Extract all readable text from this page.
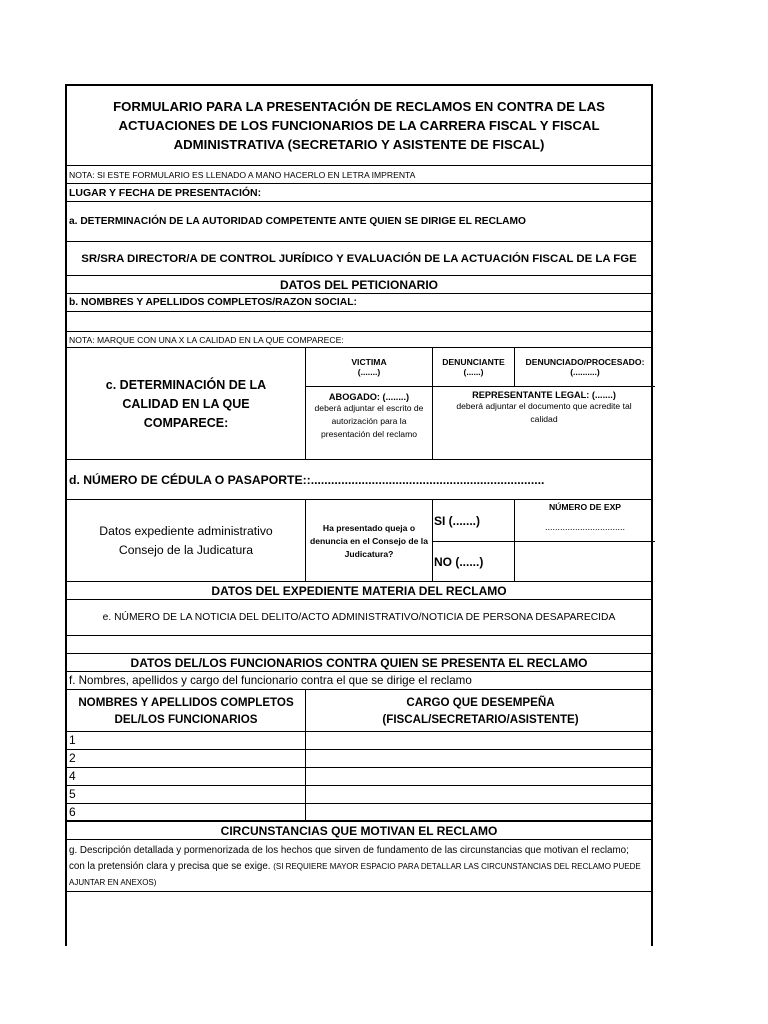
FORMULARIO PARA LA PRESENTACIÓN DE RECLAMOS EN CONTRA DE LAS ACTUACIONES DE LOS FUNCIONARIOS DE LA CARRERA FISCAL Y FISCAL ADMINISTRATIVA (SECRETARIO Y ASISTENTE DE FISCAL)
NOTA: SI ESTE FORMULARIO ES LLENADO A MANO HACERLO EN LETRA IMPRENTA
LUGAR Y FECHA DE PRESENTACIÓN:
a. DETERMINACIÓN DE LA AUTORIDAD COMPETENTE ANTE QUIEN SE DIRIGE EL RECLAMO
SR/SRA DIRECTOR/A DE CONTROL JURÍDICO Y EVALUACIÓN DE LA ACTUACIÓN FISCAL DE LA FGE
DATOS DEL PETICIONARIO
b. NOMBRES Y APELLIDOS COMPLETOS/RAZON SOCIAL:
NOTA: MARQUE CON UNA X LA CALIDAD EN LA QUE COMPARECE:
c. DETERMINACIÓN DE LA CALIDAD EN LA QUE COMPARECE:
VICTIMA
(.......)
DENUNCIANTE
(......)
DENUNCIADO/PROCESADO:
(..........)
ABOGADO: (........)
deberá adjuntar el escrito de autorización para la presentación del reclamo
REPRESENTANTE LEGAL: (.......)
deberá adjuntar el documento que acredite tal calidad
d. NÚMERO DE CÉDULA O PASAPORTE::.....................................................................
Datos expediente administrativo Consejo de la Judicatura
Ha presentado queja o denuncia en el Consejo de la Judicatura?
SI (.......)
NO (......)
NÚMERO DE EXP
................................
DATOS DEL EXPEDIENTE MATERIA DEL RECLAMO
e. NÚMERO DE LA NOTICIA DEL DELITO/ACTO ADMINISTRATIVO/NOTICIA DE PERSONA DESAPARECIDA
DATOS DEL/LOS FUNCIONARIOS CONTRA QUIEN SE PRESENTA EL RECLAMO
f. Nombres, apellidos y cargo del funcionario contra el que se dirige el reclamo
NOMBRES Y APELLIDOS COMPLETOS DEL/LOS FUNCIONARIOS
CARGO QUE DESEMPEÑA (FISCAL/SECRETARIO/ASISTENTE)
1
2
4
5
6
CIRCUNSTANCIAS QUE MOTIVAN EL RECLAMO
g. Descripción detallada y pormenorizada de los hechos que sirven de fundamento de las circunstancias que motivan el reclamo; con la pretensión clara y precisa que se exige. (SI REQUIERE MAYOR ESPACIO PARA DETALLAR LAS CIRCUNSTANCIAS DEL RECLAMO PUEDE AJUNTAR EN ANEXOS)
